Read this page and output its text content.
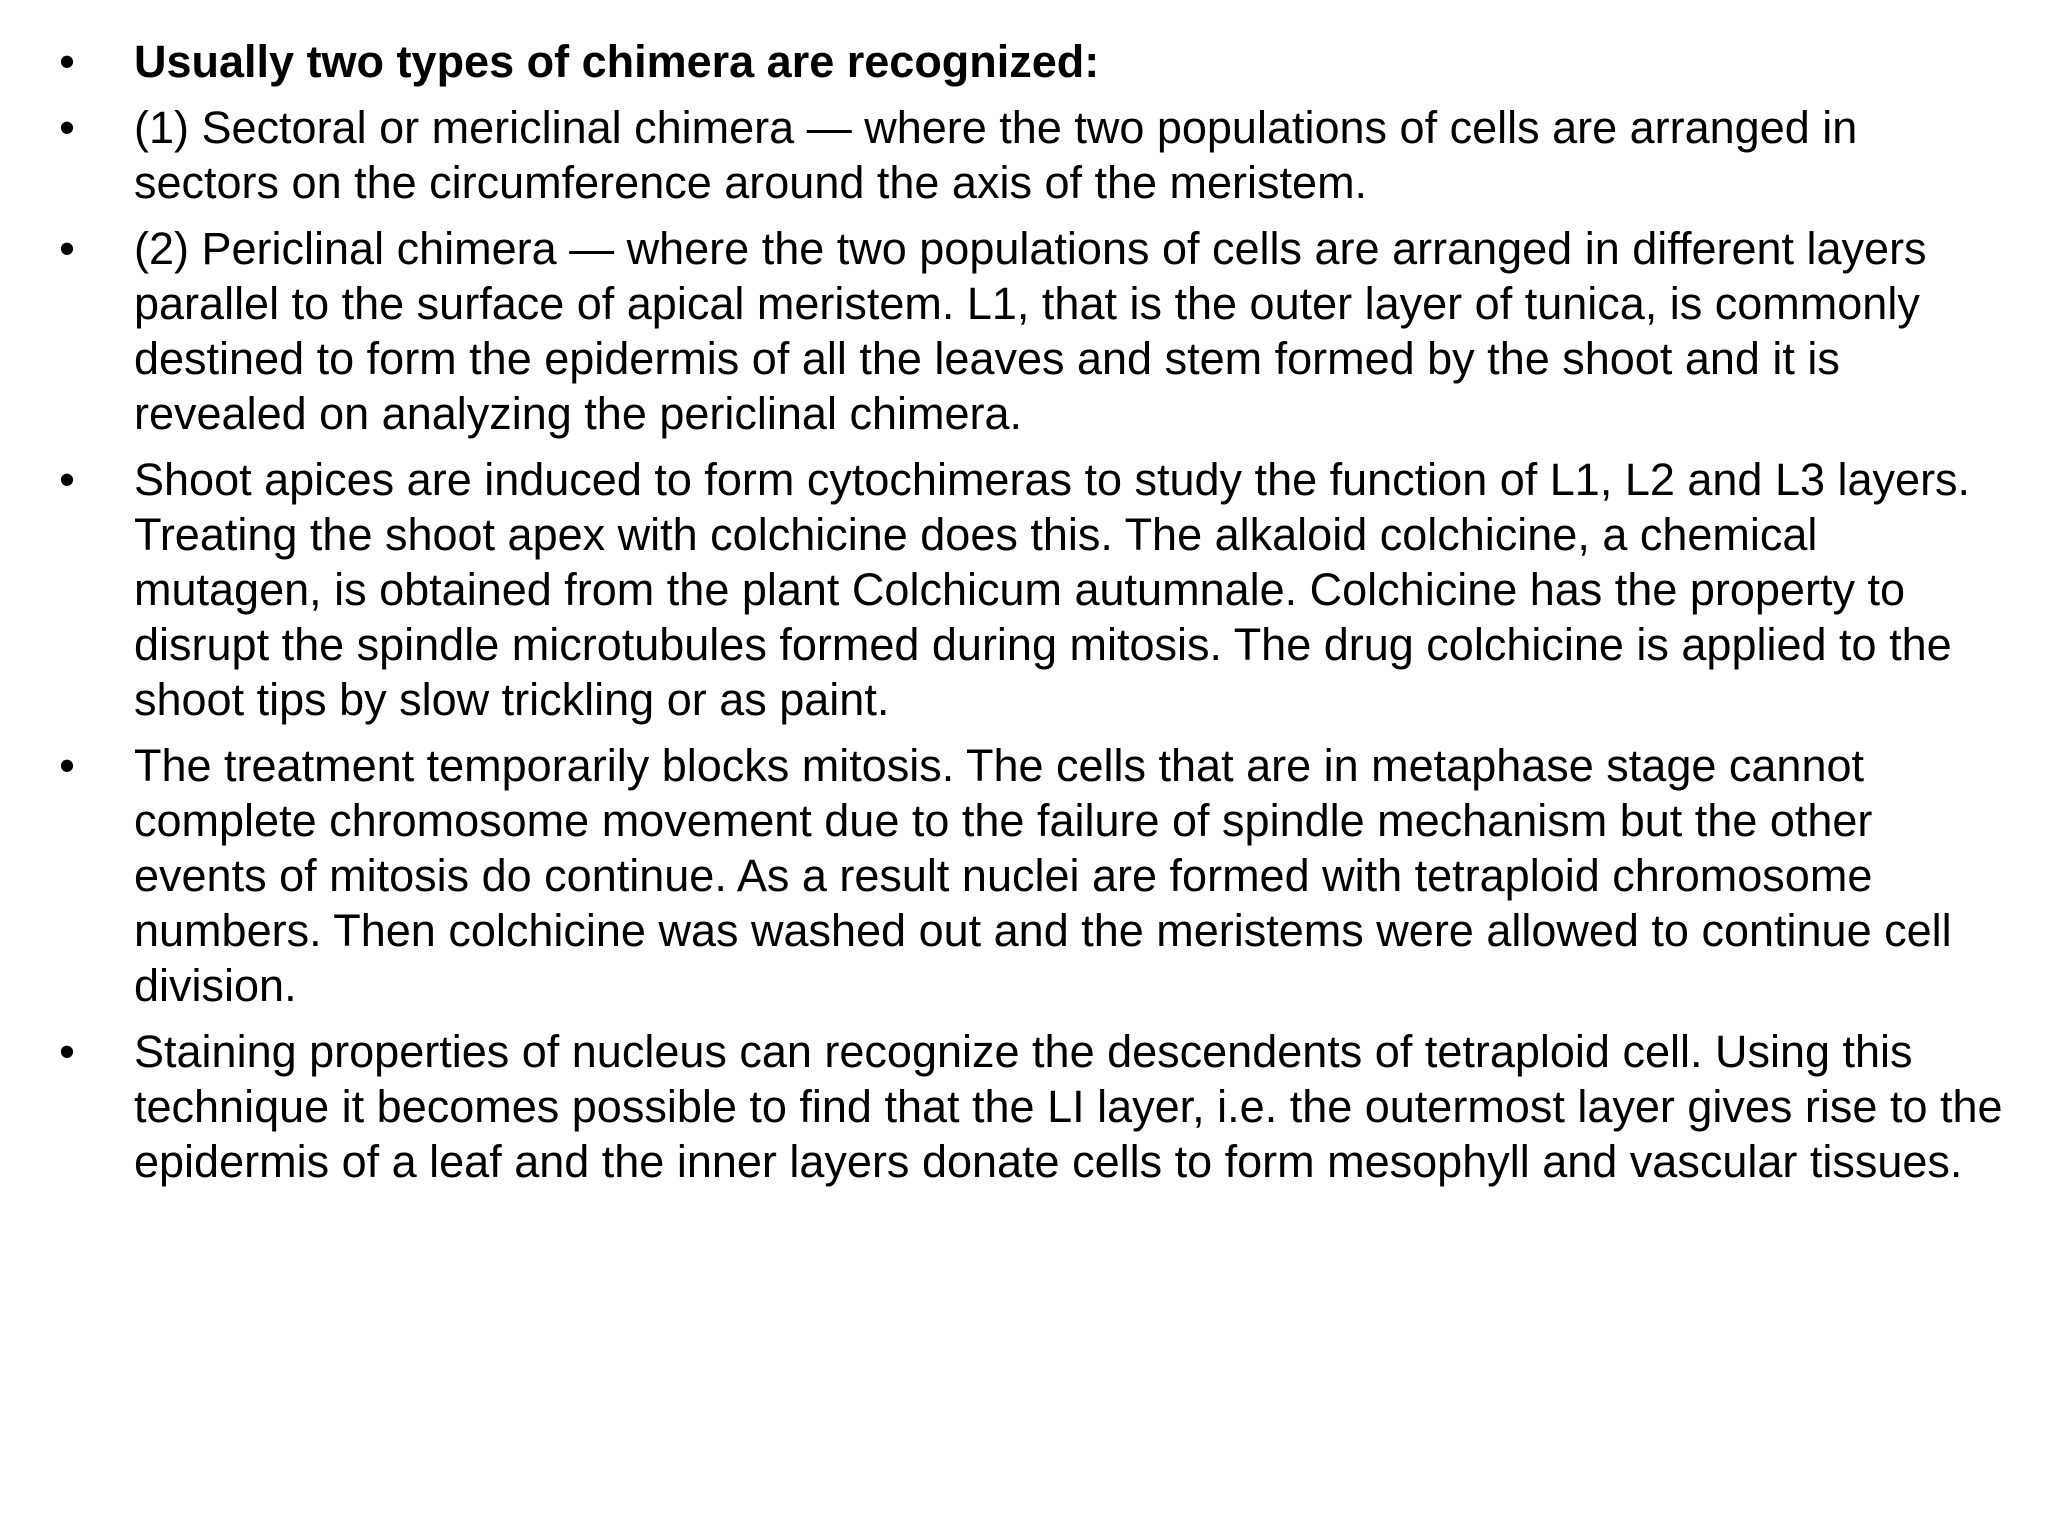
• Usually two types of chimera are recognized:
• (1) Sectoral or mericlinal chimera — where the two populations of cells are arranged in sectors on the circumference around the axis of the meristem.
• (2) Periclinal chimera — where the two populations of cells are arranged in different layers parallel to the surface of apical meristem. L1, that is the outer layer of tunica, is commonly destined to form the epidermis of all the leaves and stem formed by the shoot and it is revealed on analyzing the periclinal chimera.
• Shoot apices are induced to form cytochimeras to study the function of L1, L2 and L3 layers. Treating the shoot apex with colchicine does this. The alkaloid colchicine, a chemical mutagen, is obtained from the plant Colchicum autumnale. Colchicine has the property to disrupt the spindle microtubules formed during mitosis. The drug colchicine is applied to the shoot tips by slow trickling or as paint.
• The treatment temporarily blocks mitosis. The cells that are in metaphase stage cannot complete chromosome movement due to the failure of spindle mechanism but the other events of mitosis do continue. As a result nuclei are formed with tetraploid chromosome numbers. Then colchicine was washed out and the meristems were allowed to continue cell division.
• Staining properties of nucleus can recognize the descendents of tetraploid cell. Using this technique it becomes possible to find that the LI layer, i.e. the outermost layer gives rise to the epidermis of a leaf and the inner layers donate cells to form mesophyll and vascular tissues.
